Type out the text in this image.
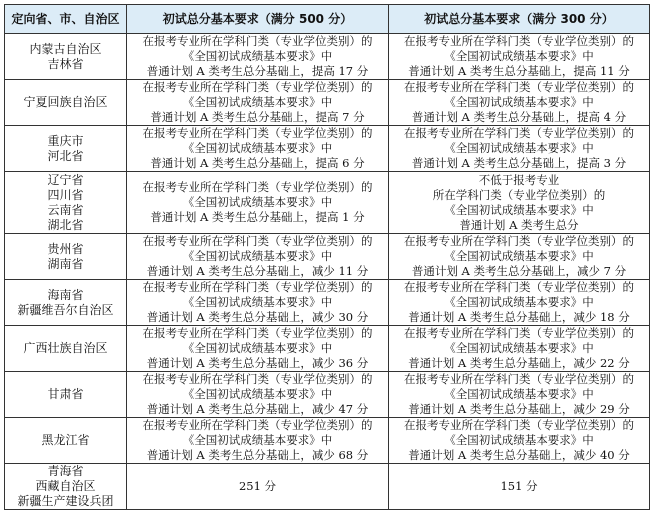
定向省、市、自治区	初试总分基本要求（满分 500 分）	初试总分基本要求（满分 300 分）

内蒙古自治区
吉林省	在报考专业所在学科门类（专业学位类别）的
《全国初试成绩基本要求》中
普通计划 A 类考生总分基础上，提高 17 分	在报考专业所在学科门类（专业学位类别）的
《全国初试成绩基本要求》中
普通计划 A 类考生总分基础上，提高 11 分

宁夏回族自治区	在报考专业所在学科门类（专业学位类别）的
《全国初试成绩基本要求》中
普通计划 A 类考生总分基础上，提高 7 分	在报考专业所在学科门类（专业学位类别）的
《全国初试成绩基本要求》中
普通计划 A 类考生总分基础上，提高 4 分

重庆市
河北省	在报考专业所在学科门类（专业学位类别）的
《全国初试成绩基本要求》中
普通计划 A 类考生总分基础上，提高 6 分	在报考专业所在学科门类（专业学位类别）的
《全国初试成绩基本要求》中
普通计划 A 类考生总分基础上，提高 3 分

辽宁省
四川省
云南省
湖北省	在报考专业所在学科门类（专业学位类别）的
《全国初试成绩基本要求》中
普通计划 A 类考生总分基础上，提高 1 分	不低于报考专业
所在学科门类（专业学位类别）的
《全国初试成绩基本要求》中
普通计划 A 类考生总分

贵州省
湖南省	在报考专业所在学科门类（专业学位类别）的
《全国初试成绩基本要求》中
普通计划 A 类考生总分基础上，减少 11 分	在报考专业所在学科门类（专业学位类别）的
《全国初试成绩基本要求》中
普通计划 A 类考生总分基础上，减少 7 分

海南省
新疆维吾尔自治区	在报考专业所在学科门类（专业学位类别）的
《全国初试成绩基本要求》中
普通计划 A 类考生总分基础上，减少 30 分	在报考专业所在学科门类（专业学位类别）的
《全国初试成绩基本要求》中
普通计划 A 类考生总分基础上，减少 18 分

广西壮族自治区	在报考专业所在学科门类（专业学位类别）的
《全国初试成绩基本要求》中
普通计划 A 类考生总分基础上，减少 36 分	在报考专业所在学科门类（专业学位类别）的
《全国初试成绩基本要求》中
普通计划 A 类考生总分基础上，减少 22 分

甘肃省	在报考专业所在学科门类（专业学位类别）的
《全国初试成绩基本要求》中
普通计划 A 类考生总分基础上，减少 47 分	在报考专业所在学科门类（专业学位类别）的
《全国初试成绩基本要求》中
普通计划 A 类考生总分基础上，减少 29 分

黑龙江省	在报考专业所在学科门类（专业学位类别）的
《全国初试成绩基本要求》中
普通计划 A 类考生总分基础上，减少 68 分	在报考专业所在学科门类（专业学位类别）的
《全国初试成绩基本要求》中
普通计划 A 类考生总分基础上，减少 40 分

青海省
西藏自治区
新疆生产建设兵团	251 分	151 分
